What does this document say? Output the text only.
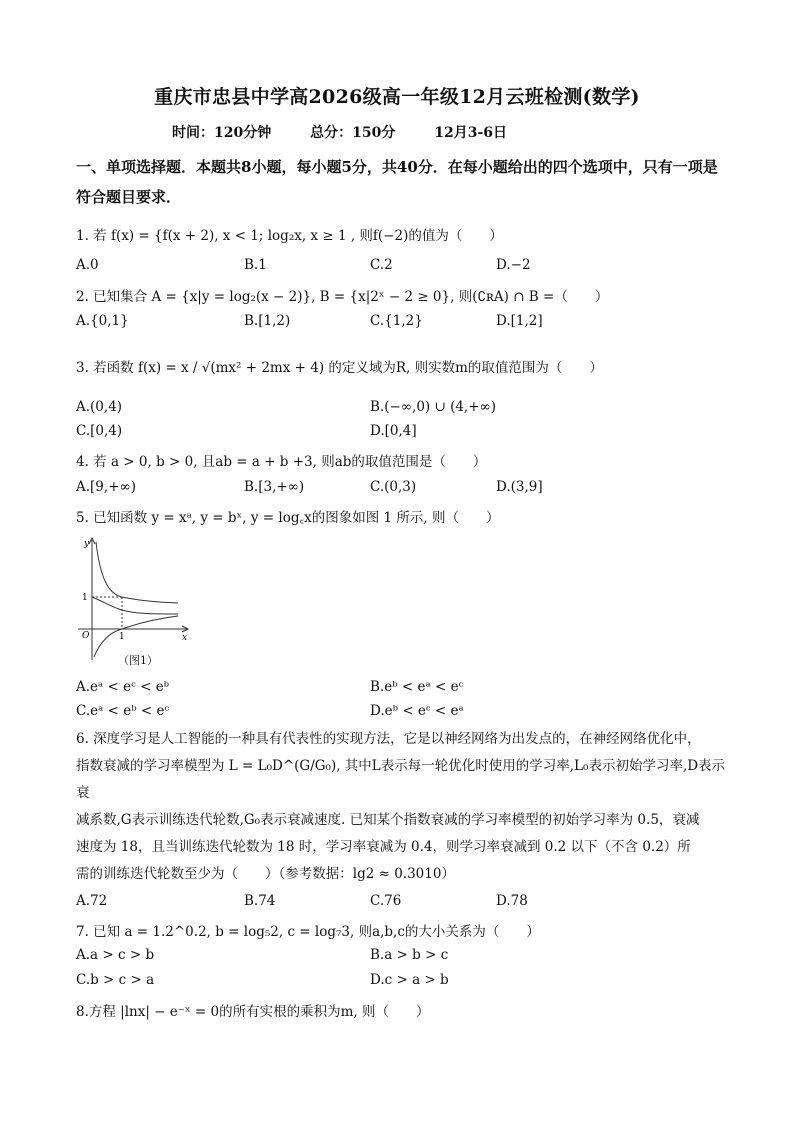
重庆市忠县中学高2026级高一年级12月云班检测(数学)
时间：120分钟	总分：150分	12月3-6日
一、单项选择题．本题共8小题，每小题5分，共40分．在每小题给出的四个选项中，只有一项是符合题目要求．
1. 若 f(x) = {f(x + 2), x < 1; log₂x, x ≥ 1 , 则f(−2)的值为（　　）
A.0	B.1	C.2	D.−2
2. 已知集合 A = {x|y = log₂(x − 2)}, B = {x|2ˣ − 2 ≥ 0}, 则(∁ʀA) ∩ B =（　　）
A.{0,1}	B.[1,2)	C.{1,2}	D.[1,2]
3. 若函数 f(x) = x / √(mx² + 2mx + 4) 的定义域为R, 则实数m的取值范围为（　　）
A.(0,4)	B.(−∞,0) ∪ (4,+∞)
C.[0,4)	D.[0,4]
4. 若 a > 0, b > 0, 且ab = a + b +3, 则ab的取值范围是（　　）
A.[9,+∞)	B.[3,+∞)	C.(0,3)	D.(3,9]
5. 已知函数 y = xᵃ, y = bˣ, y = log꜀x的图象如图 1 所示, 则（　　）
y
x
O	1
1
（图1）
A.eᵃ < eᶜ < eᵇ	B.eᵇ < eᵃ < eᶜ
C.eᵃ < eᵇ < eᶜ	D.eᵇ < eᶜ < eᵃ
6. 深度学习是人工智能的一种具有代表性的实现方法，它是以神经网络为出发点的，在神经网络优化中，
指数衰减的学习率模型为 L = L₀D^(G/G₀), 其中L表示每一轮优化时使用的学习率,L₀表示初始学习率,D表示衰
减系数,G表示训练迭代轮数,G₀表示衰减速度. 已知某个指数衰减的学习率模型的初始学习率为 0.5，衰减
速度为 18，且当训练迭代轮数为 18 时，学习率衰减为 0.4，则学习率衰减到 0.2 以下（不含 0.2）所
需的训练迭代轮数至少为（　　）（参考数据：lg2 ≈ 0.3010）
A.72	B.74	C.76	D.78
7. 已知 a = 1.2^0.2, b = log₅2, c = log₇3, 则a,b,c的大小关系为（　　）
A.a > c > b	B.a > b > c
C.b > c > a	D.c > a > b
8.方程 |lnx| − e⁻ˣ = 0的所有实根的乘积为m, 则（　　）
